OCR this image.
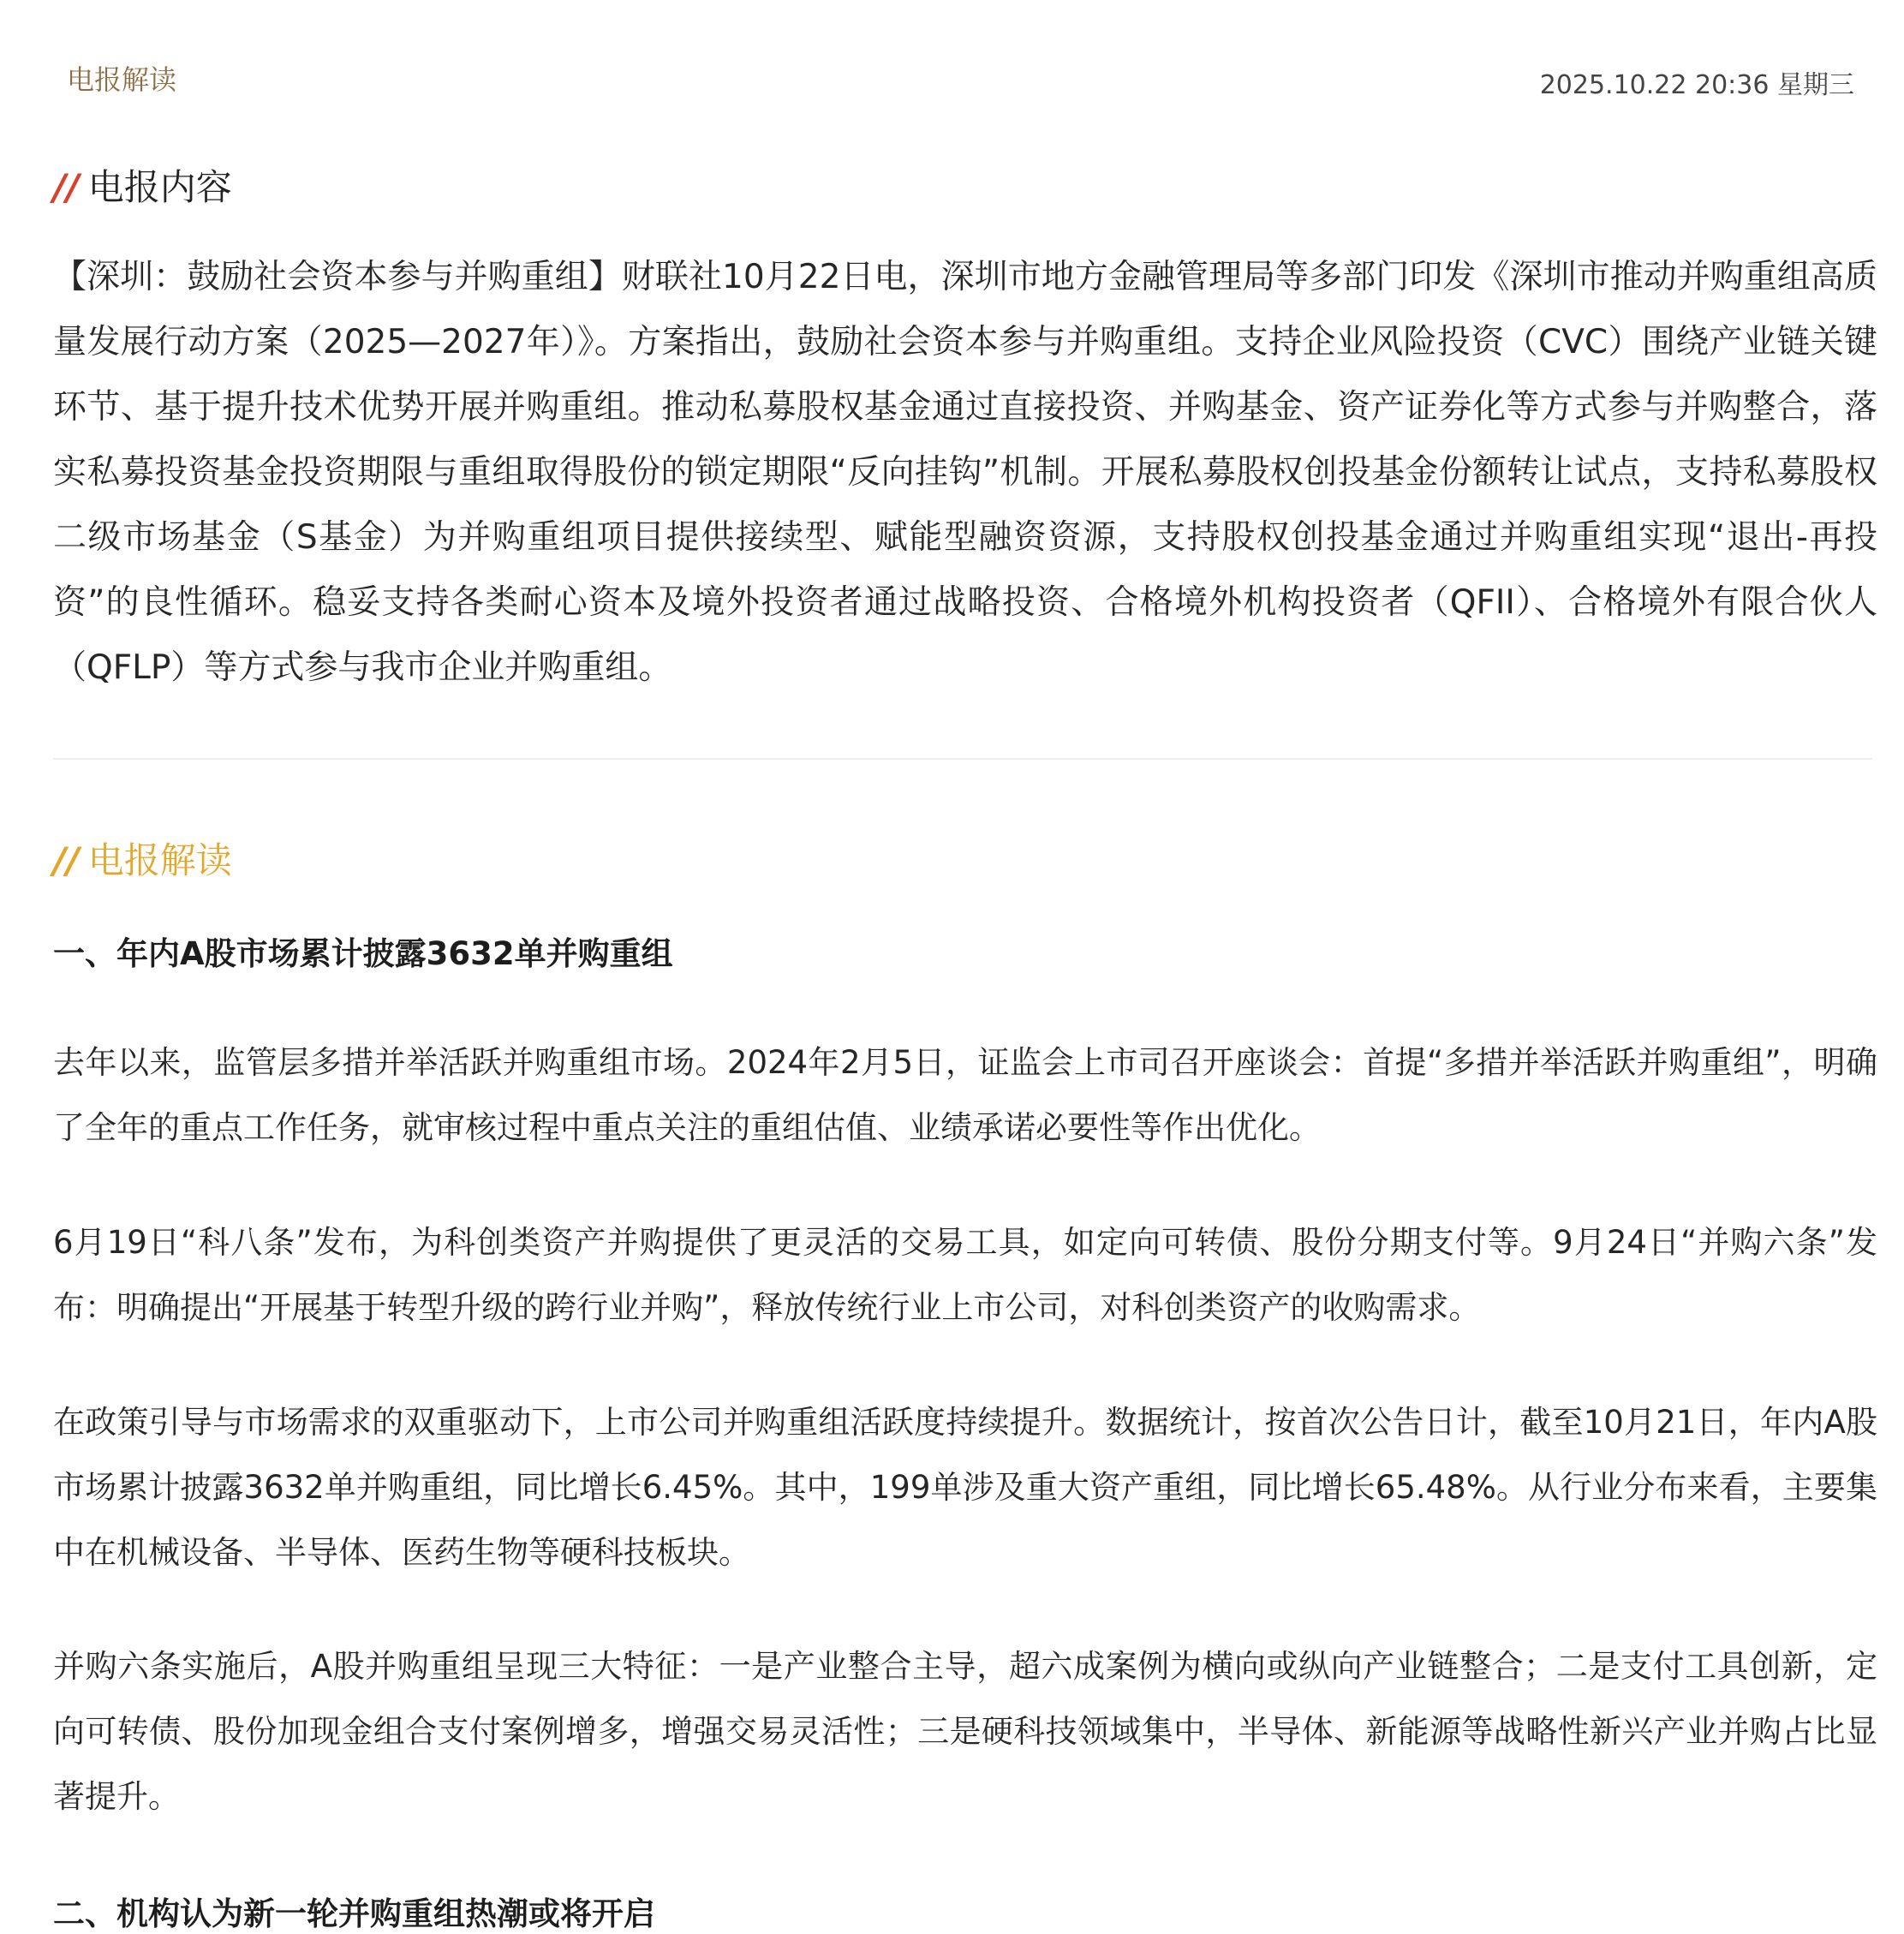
电报解读	2025.10.22 20:36 星期三
// 电报内容

【深圳：鼓励社会资本参与并购重组】财联社10月22日电，深圳市地方金融管理局等多部门印发《深圳市推动并购重组高质量发展行动方案（2025—2027年）》。方案指出，鼓励社会资本参与并购重组。支持企业风险投资（CVC）围绕产业链关键环节、基于提升技术优势开展并购重组。推动私募股权基金通过直接投资、并购基金、资产证券化等方式参与并购整合，落实私募投资基金投资期限与重组取得股份的锁定期限“反向挂钩”机制。开展私募股权创投基金份额转让试点，支持私募股权二级市场基金（S基金）为并购重组项目提供接续型、赋能型融资资源，支持股权创投基金通过并购重组实现“退出-再投资”的良性循环。稳妥支持各类耐心资本及境外投资者通过战略投资、合格境外机构投资者（QFII）、合格境外有限合伙人（QFLP）等方式参与我市企业并购重组。

// 电报解读
一、年内A股市场累计披露3632单并购重组

去年以来，监管层多措并举活跃并购重组市场。2024年2月5日，证监会上市司召开座谈会：首提“多措并举活跃并购重组”，明确了全年的重点工作任务，就审核过程中重点关注的重组估值、业绩承诺必要性等作出优化。

6月19日“科八条”发布，为科创类资产并购提供了更灵活的交易工具，如定向可转债、股份分期支付等。9月24日“并购六条”发布：明确提出“开展基于转型升级的跨行业并购”，释放传统行业上市公司，对科创类资产的收购需求。

在政策引导与市场需求的双重驱动下，上市公司并购重组活跃度持续提升。数据统计，按首次公告日计，截至10月21日，年内A股市场累计披露3632单并购重组，同比增长6.45%。其中，199单涉及重大资产重组，同比增长65.48%。从行业分布来看，主要集中在机械设备、半导体、医药生物等硬科技板块。

并购六条实施后，A股并购重组呈现三大特征：一是产业整合主导，超六成案例为横向或纵向产业链整合；二是支付工具创新，定向可转债、股份加现金组合支付案例增多，增强交易灵活性；三是硬科技领域集中，半导体、新能源等战略性新兴产业并购占比显著提升。

二、机构认为新一轮并购重组热潮或将开启
